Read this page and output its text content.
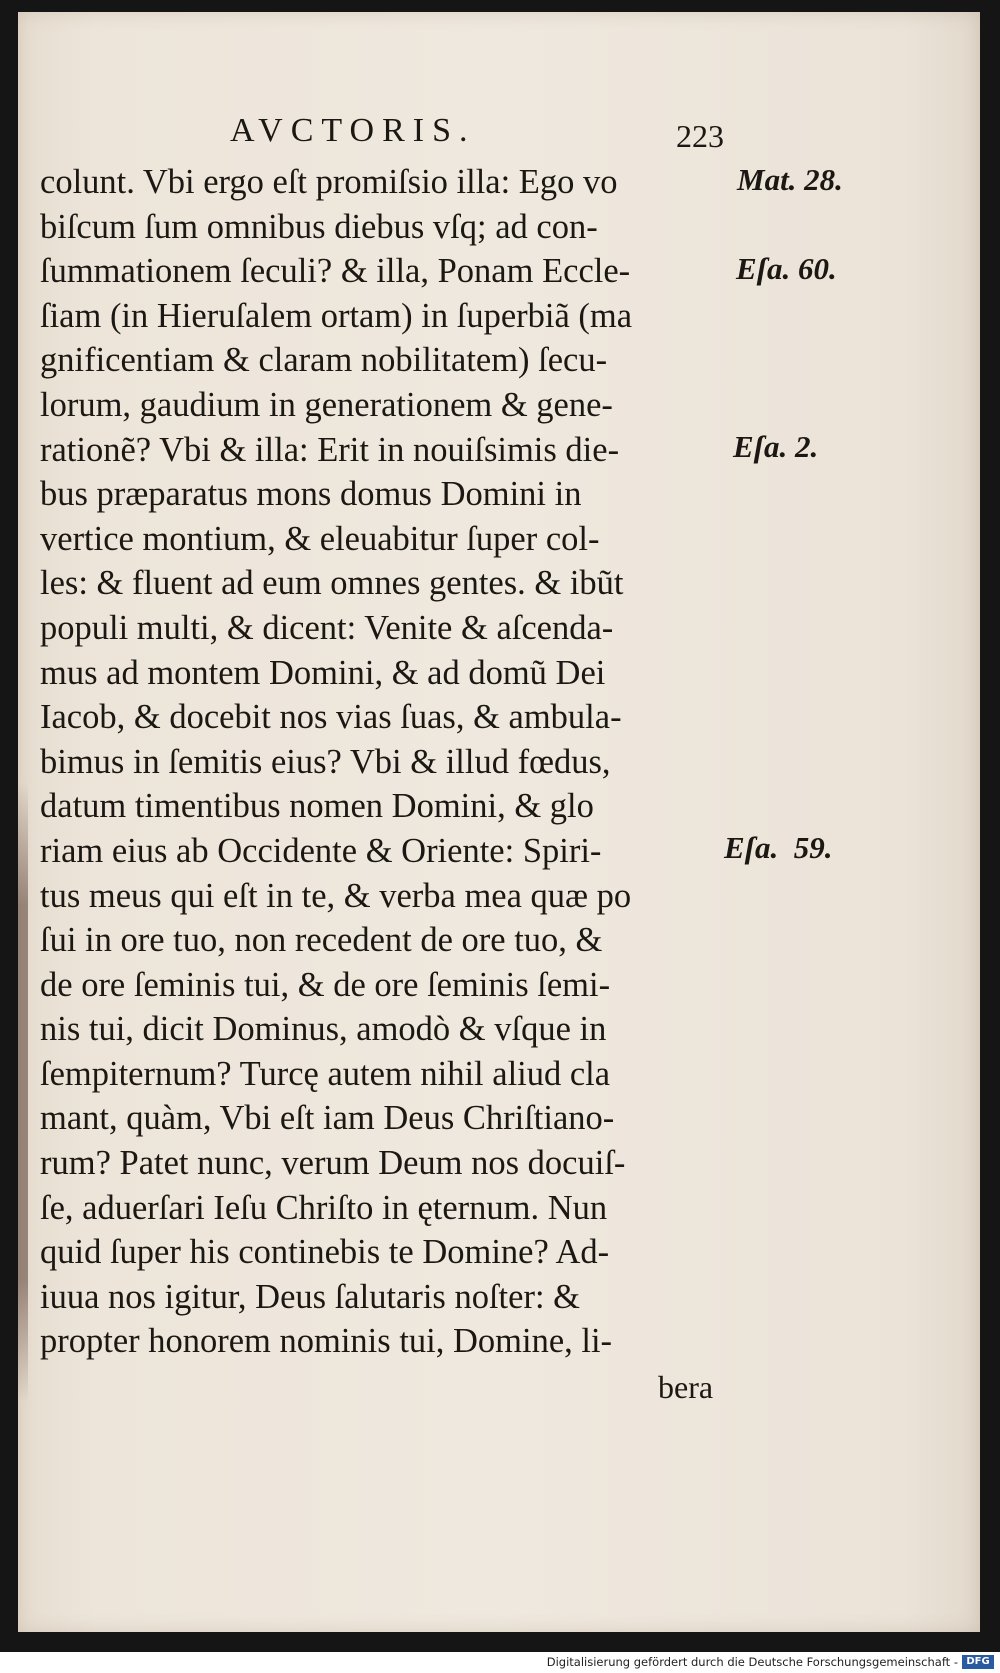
AVCTORIS.	223
colunt. Vbi ergo eſt promiſsio illa: Ego vo
biſcum ſum omnibus diebus vſq; ad con-
ſummationem ſeculi? & illa, Ponam Eccle-
ſiam (in Hieruſalem ortam) in ſuperbiã (ma
gnificentiam & claram nobilitatem) ſecu-
lorum, gaudium in generationem & gene-
rationẽ? Vbi & illa: Erit in nouiſsimis die-
bus præparatus mons domus Domini in
vertice montium, & eleuabitur ſuper col-
les: & fluent ad eum omnes gentes. & ibũt
populi multi, & dicent: Venite & aſcenda-
mus ad montem Domini, & ad domũ Dei
Iacob, & docebit nos vias ſuas, & ambula-
bimus in ſemitis eius? Vbi & illud fœdus,
datum timentibus nomen Domini, & glo
riam eius ab Occidente & Oriente: Spiri-
tus meus qui eſt in te, & verba mea quæ po
ſui in ore tuo, non recedent de ore tuo, &
de ore ſeminis tui, & de ore ſeminis ſemi-
nis tui, dicit Dominus, amodò & vſque in
ſempiternum? Turcę autem nihil aliud cla
mant, quàm, Vbi eſt iam Deus Chriſtiano-
rum? Patet nunc, verum Deum nos docuiſ-
ſe, aduerſari Ieſu Chriſto in ęternum. Nun
quid ſuper his continebis te Domine? Ad-
iuua nos igitur, Deus ſalutaris noſter: &
propter honorem nominis tui, Domine, li-
bera
Mat. 28.
Eſa. 60.
Eſa. 2.
Eſa.  59.
Digitalisierung gefördert durch die Deutsche Forschungsgemeinschaft - DFG
